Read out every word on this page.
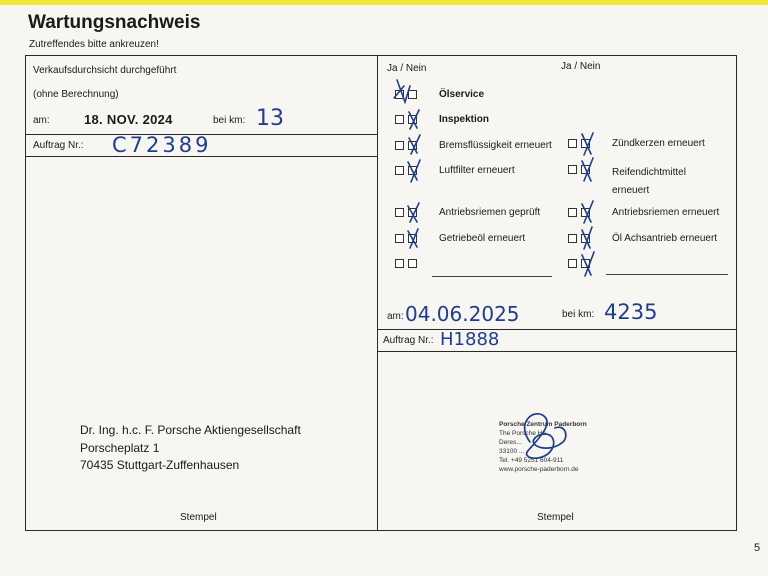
Wartungsnachweis
Zutreffendes bitte ankreuzen!
Verkaufsdurchsicht durchgeführt
(ohne Berechnung)
am:	18. NOV. 2024	bei km: 13
Auftrag Nr.: C72389
Dr. Ing. h.c. F. Porsche Aktiengesellschaft
Porscheplatz 1
70435 Stuttgart-Zuffenhausen
Stempel
Ja / Nein	Ja / Nein
Ölservice
Inspektion
Bremsflüssigkeit erneuert
Luftfilter erneuert
Antriebsriemen geprüft
Getriebeöl erneuert
Zündkerzen erneuert
Reifendichtmittel erneuert
Antriebsriemen erneuert
Öl Achsantrieb erneuert
am: 04.06.2025	bei km: 4235
Auftrag Nr.: H1888
Porsche Zentrum Paderborn
The Porsche Ha...
Deres...
33100 ...
Tel. +49 5251 604-911
www.porsche-paderborn.de
Stempel
5
